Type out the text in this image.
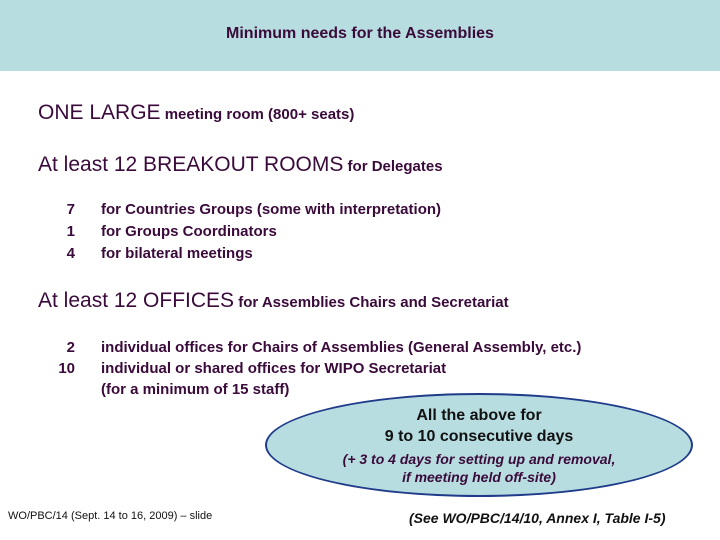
Minimum needs for the Assemblies
ONE LARGE meeting room (800+ seats)
At least 12 BREAKOUT ROOMS for Delegates
7 for Countries Groups (some with interpretation)
1 for Groups Coordinators
4 for bilateral meetings
At least 12 OFFICES for Assemblies Chairs and Secretariat
2 individual offices for Chairs of Assemblies (General Assembly, etc.)
10 individual or shared offices for WIPO Secretariat
(for a minimum of 15 staff)
All the above for
9 to 10 consecutive days
(+ 3 to 4 days for setting up and removal,
if meeting held off-site)
WO/PBC/14 (Sept. 14 to 16, 2009) – slide	(See WO/PBC/14/10, Annex I, Table I-5)
